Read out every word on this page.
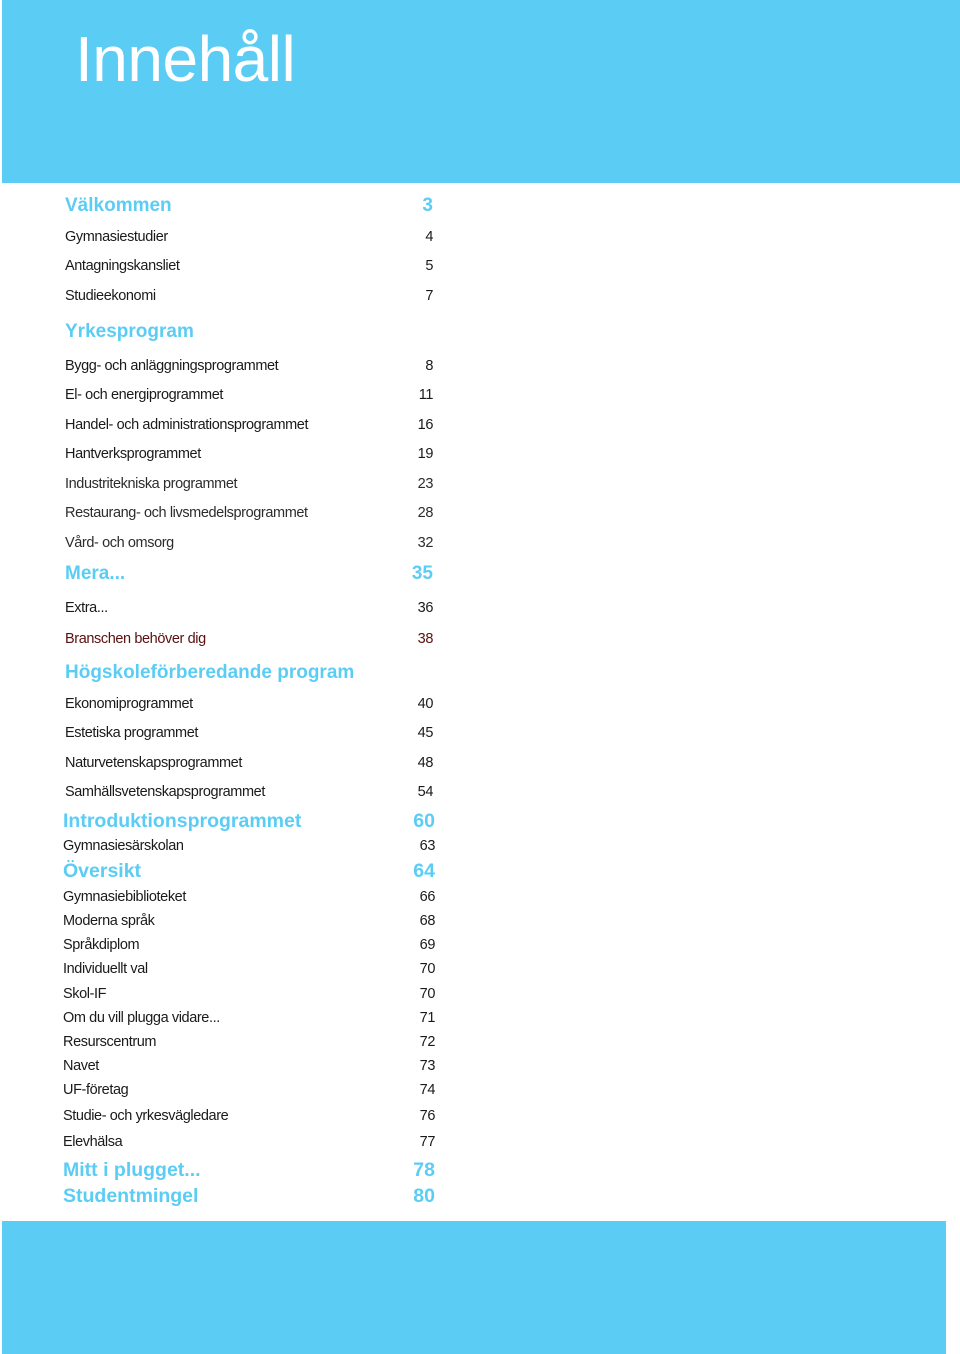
Innehåll
Välkommen	3
Gymnasiestudier	4
Antagningskansliet	5
Studieekonomi	7
Yrkesprogram
Bygg- och anläggningsprogrammet	8
El- och energiprogrammet	11
Handel- och administrationsprogrammet	16
Hantverksprogrammet	19
Industritekniska programmet	23
Restaurang- och livsmedelsprogrammet	28
Vård- och omsorg	32
Mera...	35
Extra...	36
Branschen behöver dig	38
Högskoleförberedande program
Ekonomiprogrammet	40
Estetiska programmet	45
Naturvetenskapsprogrammet	48
Samhällsvetenskapsprogrammet	54
Introduktionsprogrammet	60
Gymnasiesärskolan	63
Översikt	64
Gymnasiebiblioteket	66
Moderna språk	68
Språkdiplom	69
Individuellt val	70
Skol-IF	70
Om du vill plugga vidare...	71
Resurscentrum	72
Navet	73
UF-företag	74
Studie- och yrkesvägledare	76
Elevhälsa	77
Mitt i plugget...	78
Studentmingel	80
